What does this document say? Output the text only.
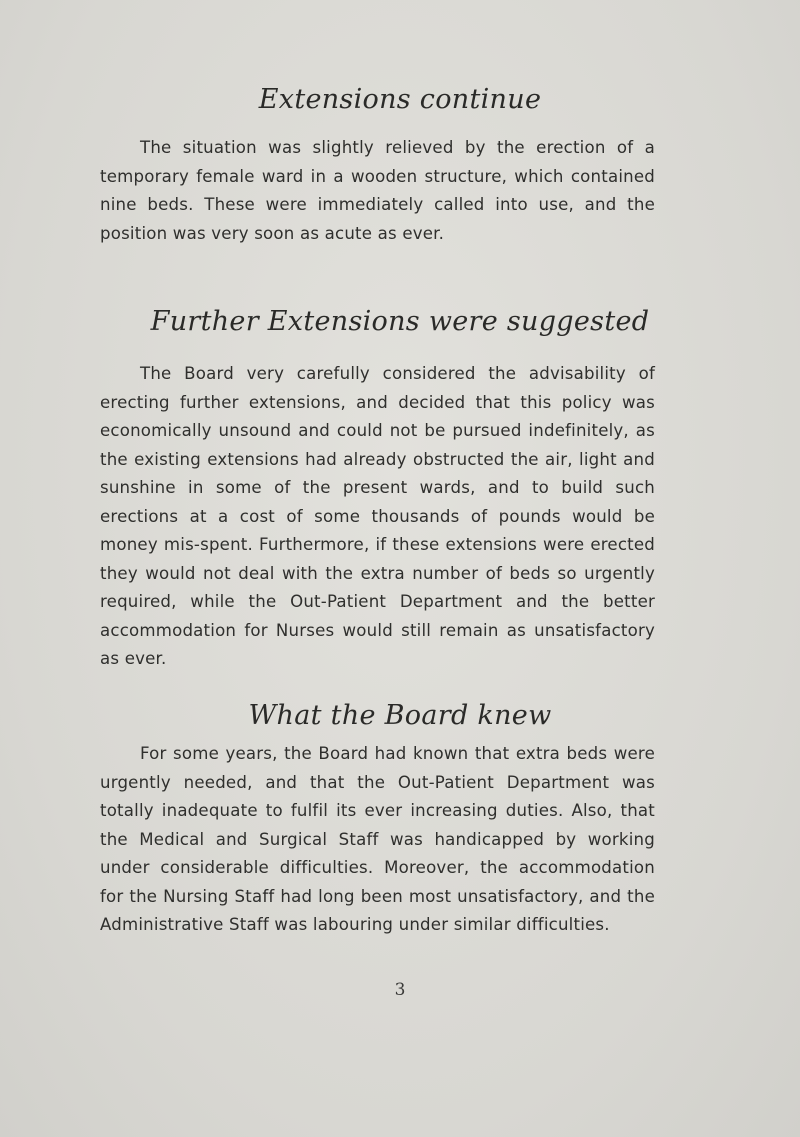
Extensions continue

The situation was slightly relieved by the erection of a temporary female ward in a wooden structure, which contained nine beds. These were immediately called into use, and the position was very soon as acute as ever.

Further Extensions were suggested

The Board very carefully considered the advisability of erecting further extensions, and decided that this policy was economically unsound and could not be pursued indefinitely, as the existing extensions had already obstructed the air, light and sunshine in some of the present wards, and to build such erections at a cost of some thousands of pounds would be money mis-spent. Furthermore, if these extensions were erected they would not deal with the extra number of beds so urgently required, while the Out-Patient Department and the better accommodation for Nurses would still remain as unsatisfactory as ever.

What the Board knew

For some years, the Board had known that extra beds were urgently needed, and that the Out-Patient Department was totally inadequate to fulfil its ever increasing duties. Also, that the Medical and Surgical Staff was handicapped by working under considerable difficulties. Moreover, the accommodation for the Nursing Staff had long been most unsatisfactory, and the Administrative Staff was labouring under similar difficulties.

3
